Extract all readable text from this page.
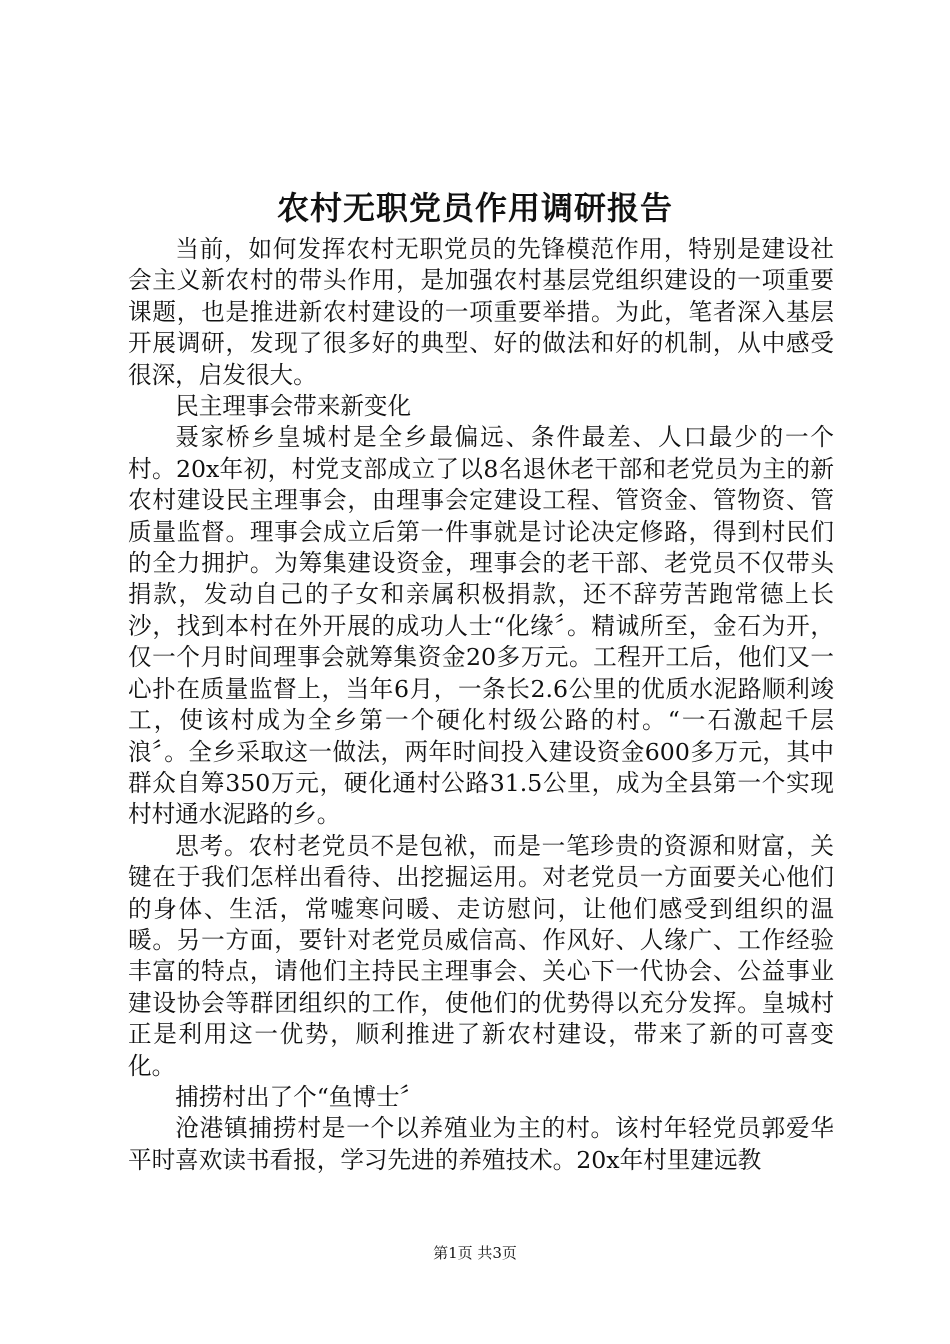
农村无职党员作用调研报告

当前，如何发挥农村无职党员的先锋模范作用，特别是建设社会主义新农村的带头作用，是加强农村基层党组织建设的一项重要课题，也是推进新农村建设的一项重要举措。为此，笔者深入基层开展调研，发现了很多好的典型、好的做法和好的机制，从中感受很深，启发很大。

民主理事会带来新变化

聂家桥乡皇城村是全乡最偏远、条件最差、人口最少的一个村。20x年初，村党支部成立了以8名退休老干部和老党员为主的新农村建设民主理事会，由理事会定建设工程、管资金、管物资、管质量监督。理事会成立后第一件事就是讨论决定修路，得到村民们的全力拥护。为筹集建设资金，理事会的老干部、老党员不仅带头捐款，发动自己的子女和亲属积极捐款，还不辞劳苦跑常德上长沙，找到本村在外开展的成功人士“化缘〞。精诚所至，金石为开，仅一个月时间理事会就筹集资金20多万元。工程开工后，他们又一心扑在质量监督上，当年6月，一条长2.6公里的优质水泥路顺利竣工，使该村成为全乡第一个硬化村级公路的村。“一石激起千层浪〞。全乡采取这一做法，两年时间投入建设资金600多万元，其中群众自筹350万元，硬化通村公路31.5公里，成为全县第一个实现村村通水泥路的乡。

思考。农村老党员不是包袱，而是一笔珍贵的资源和财富，关键在于我们怎样出看待、出挖掘运用。对老党员一方面要关心他们的身体、生活，常嘘寒问暖、走访慰问，让他们感受到组织的温暖。另一方面，要针对老党员威信高、作风好、人缘广、工作经验丰富的特点，请他们主持民主理事会、关心下一代协会、公益事业建设协会等群团组织的工作，使他们的优势得以充分发挥。皇城村正是利用这一优势，顺利推进了新农村建设，带来了新的可喜变化。

捕捞村出了个“鱼博士〞

沧港镇捕捞村是一个以养殖业为主的村。该村年轻党员郭爱华平时喜欢读书看报，学习先进的养殖技术。20x年村里建远教

第1页 共3页
